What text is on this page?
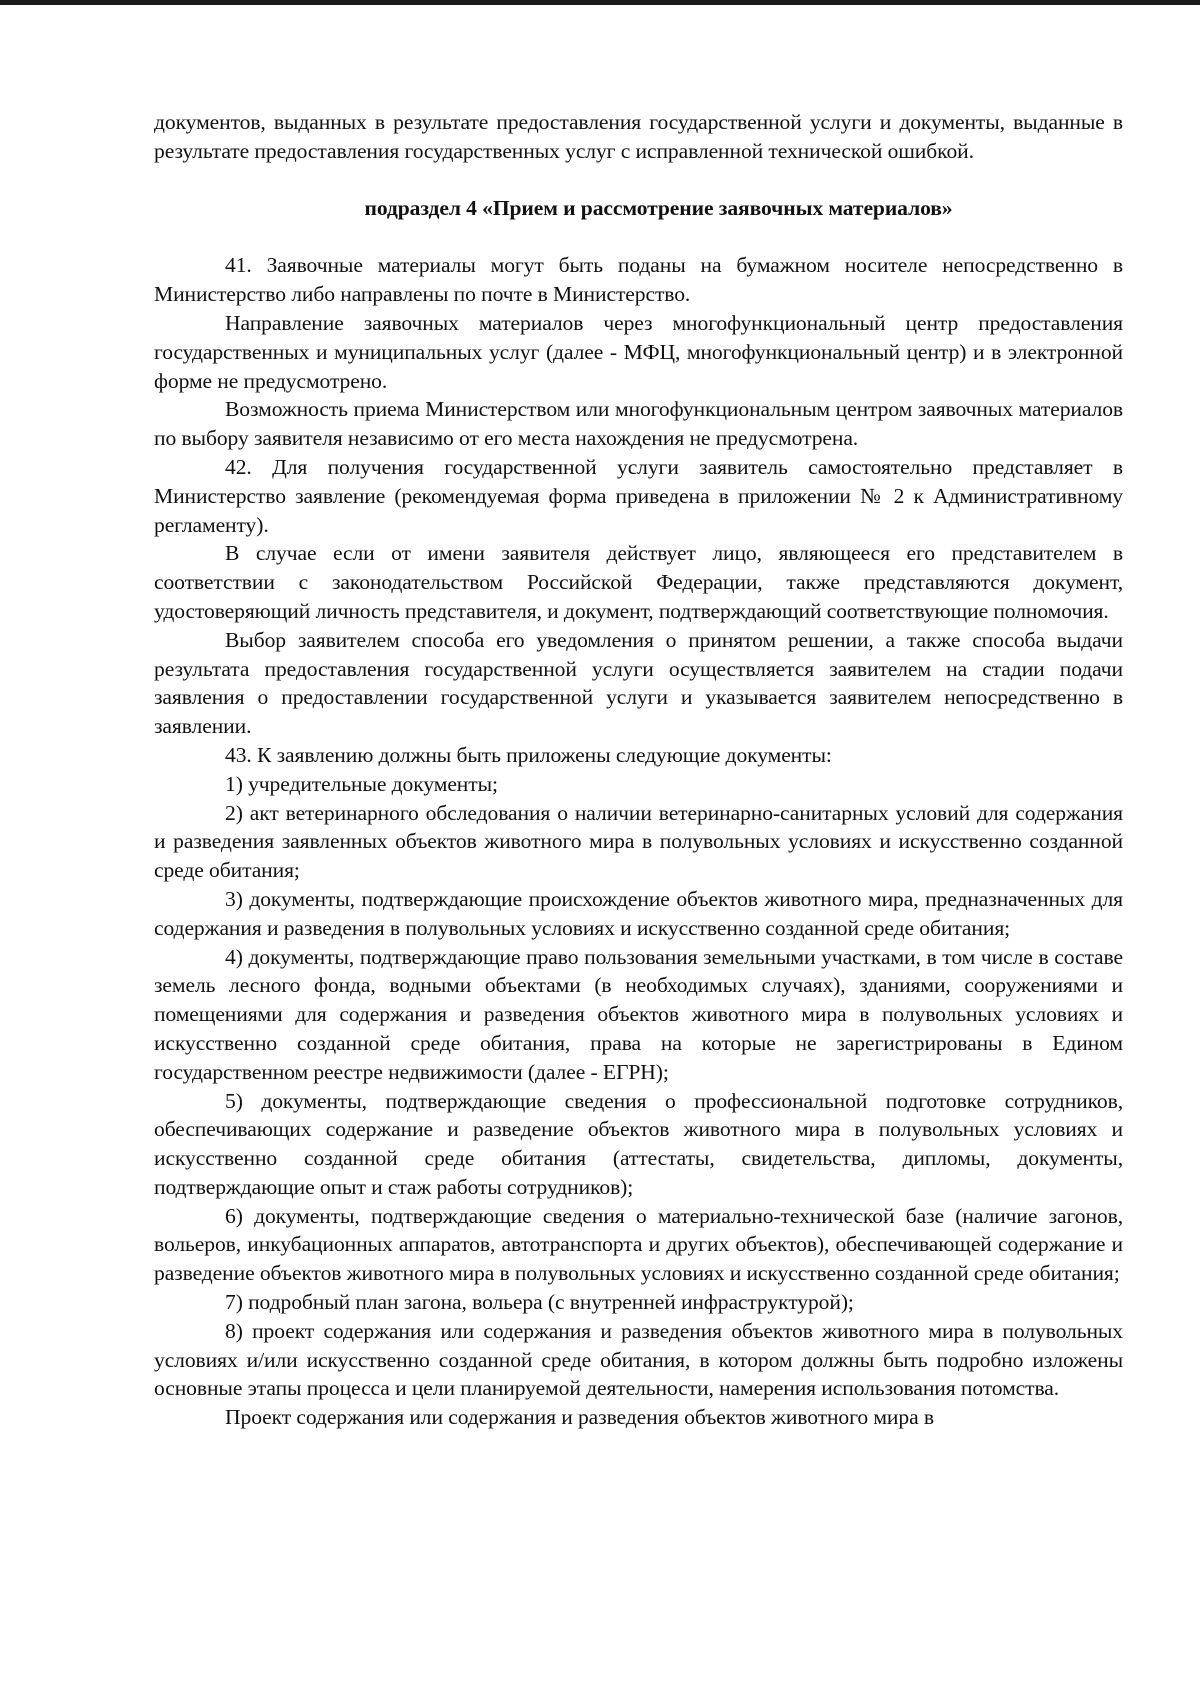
документов, выданных в результате предоставления государственной услуги и документы, выданные в результате предоставления государственных услуг с исправленной технической ошибкой.

подраздел 4 «Прием и рассмотрение заявочных материалов»

41. Заявочные материалы могут быть поданы на бумажном носителе непосредственно в Министерство либо направлены по почте в Министерство.

Направление заявочных материалов через многофункциональный центр предоставления государственных и муниципальных услуг (далее - МФЦ, многофункциональный центр) и в электронной форме не предусмотрено.

Возможность приема Министерством или многофункциональным центром заявочных материалов по выбору заявителя независимо от его места нахождения не предусмотрена.

42. Для получения государственной услуги заявитель самостоятельно представляет в Министерство заявление (рекомендуемая форма приведена в приложении № 2 к Административному регламенту).

В случае если от имени заявителя действует лицо, являющееся его представителем в соответствии с законодательством Российской Федерации, также представляются документ, удостоверяющий личность представителя, и документ, подтверждающий соответствующие полномочия.

Выбор заявителем способа его уведомления о принятом решении, а также способа выдачи результата предоставления государственной услуги осуществляется заявителем на стадии подачи заявления о предоставлении государственной услуги и указывается заявителем непосредственно в заявлении.

43. К заявлению должны быть приложены следующие документы:

1) учредительные документы;

2) акт ветеринарного обследования о наличии ветеринарно-санитарных условий для содержания и разведения заявленных объектов животного мира в полувольных условиях и искусственно созданной среде обитания;

3) документы, подтверждающие происхождение объектов животного мира, предназначенных для содержания и разведения в полувольных условиях и искусственно созданной среде обитания;

4) документы, подтверждающие право пользования земельными участками, в том числе в составе земель лесного фонда, водными объектами (в необходимых случаях), зданиями, сооружениями и помещениями для содержания и разведения объектов животного мира в полувольных условиях и искусственно созданной среде обитания, права на которые не зарегистрированы в Едином государственном реестре недвижимости (далее - ЕГРН);

5) документы, подтверждающие сведения о профессиональной подготовке сотрудников, обеспечивающих содержание и разведение объектов животного мира в полувольных условиях и искусственно созданной среде обитания (аттестаты, свидетельства, дипломы, документы, подтверждающие опыт и стаж работы сотрудников);

6) документы, подтверждающие сведения о материально-технической базе (наличие загонов, вольеров, инкубационных аппаратов, автотранспорта и других объектов), обеспечивающей содержание и разведение объектов животного мира в полувольных условиях и искусственно созданной среде обитания;

7) подробный план загона, вольера (с внутренней инфраструктурой);

8) проект содержания или содержания и разведения объектов животного мира в полувольных условиях и/или искусственно созданной среде обитания, в котором должны быть подробно изложены основные этапы процесса и цели планируемой деятельности, намерения использования потомства.

Проект содержания или содержания и разведения объектов животного мира в
